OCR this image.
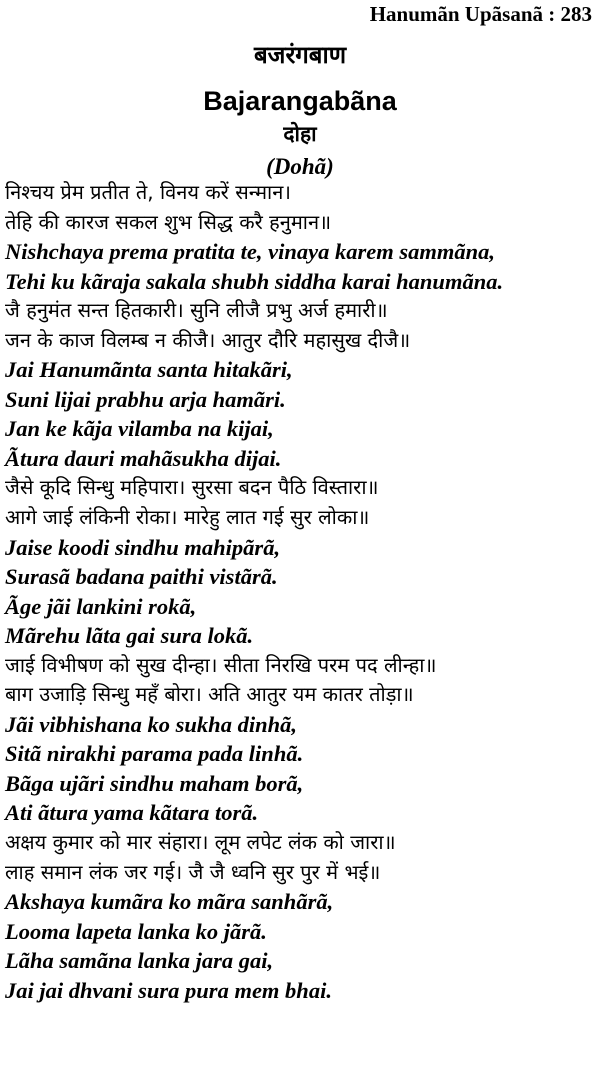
Hanumãn Upãsanã : 283
बजरंगबाण
Bajarangabãna
दोहा
(Dohã)
निश्चय प्रेम प्रतीत ते, विनय करें सन्मान।
तेहि की कारज सकल शुभ सिद्ध करै हनुमान॥
Nishchaya prema pratita te, vinaya karem sammãna,
Tehi ku kãraja sakala shubh siddha karai hanumãna.
जै हनुमंत सन्त हितकारी। सुनि लीजै प्रभु अर्ज हमारी॥
जन के काज विलम्ब न कीजै। आतुर दौरि महासुख दीजै॥
Jai Hanumãnta santa hitakãri,
Suni lijai prabhu arja hamãri.
Jan ke kãja vilamba na kijai,
Ãtura dauri mahãsukha dijai.
जैसे कूदि सिन्धु महिपारा। सुरसा बदन पैठि विस्तारा॥
आगे जाई लंकिनी रोका। मारेहु लात गई सुर लोका॥
Jaise koodi sindhu mahipãrã,
Surasã badana paithi vistãrã.
Ãge jãi lankini rokã,
Mãrehu lãta gai sura lokã.
जाई विभीषण को सुख दीन्हा। सीता निरखि परम पद लीन्हा॥
बाग उजाड़ि सिन्धु महँ बोरा। अति आतुर यम कातर तोड़ा॥
Jãi vibhishana ko sukha dinhã,
Sitã nirakhi parama pada linhã.
Bãga ujãri sindhu maham borã,
Ati ãtura yama kãtara torã.
अक्षय कुमार को मार संहारा। लूम लपेट लंक को जारा॥
लाह समान लंक जर गई। जै जै ध्वनि सुर पुर में भई॥
Akshaya kumãra ko mãra sanhãrã,
Looma lapeta lanka ko jãrã.
Lãha samãna lanka jara gai,
Jai jai dhvani sura pura mem bhai.
